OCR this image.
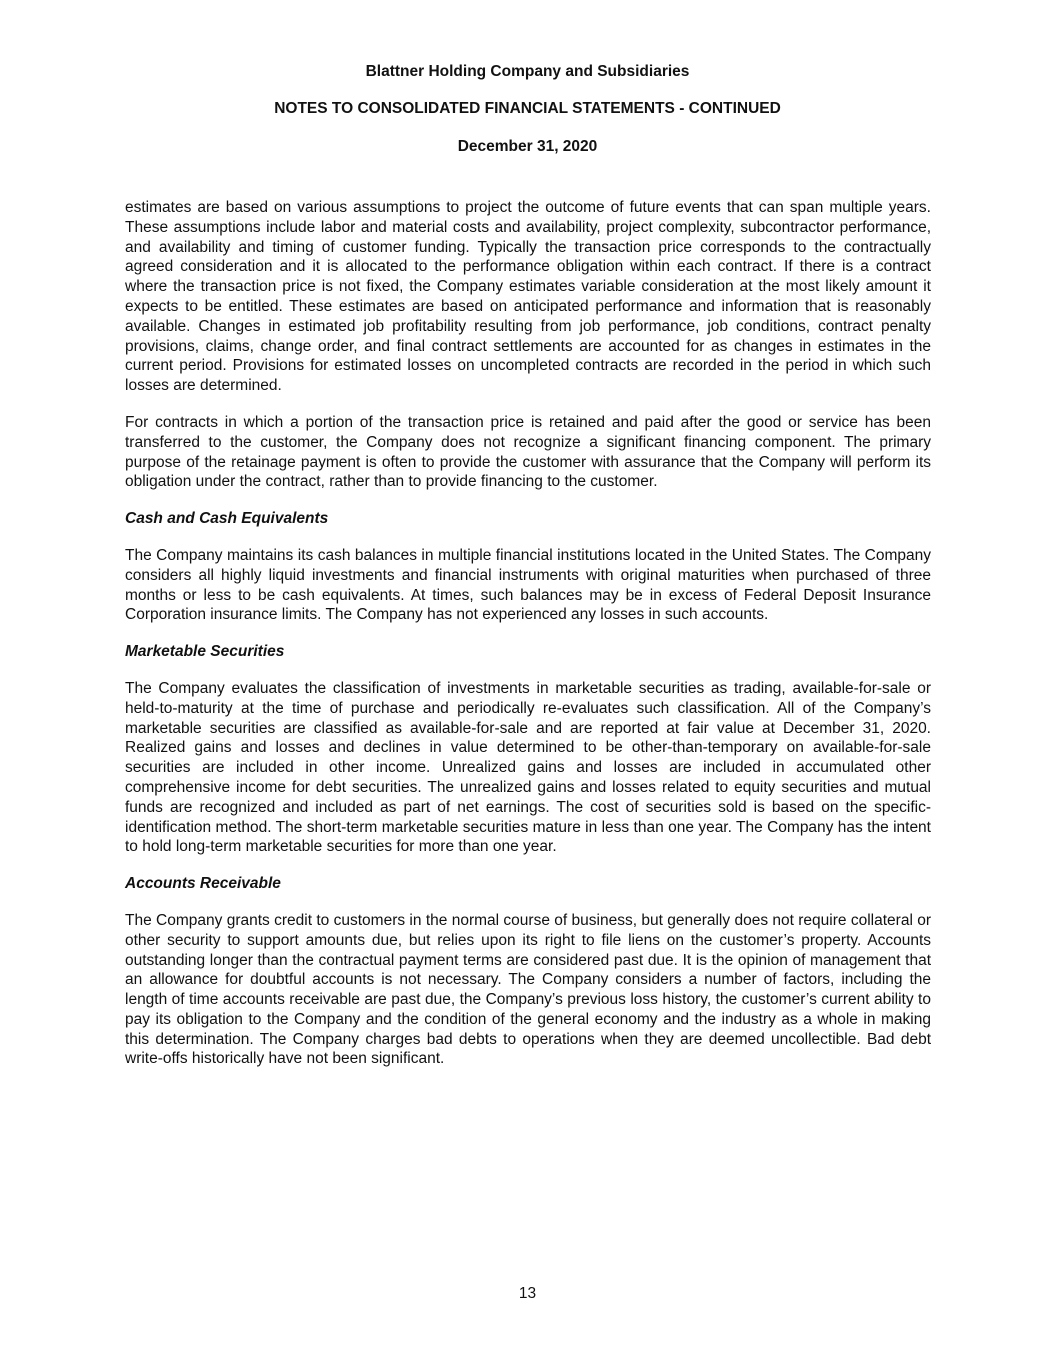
Blattner Holding Company and Subsidiaries
NOTES TO CONSOLIDATED FINANCIAL STATEMENTS - CONTINUED
December 31, 2020

estimates are based on various assumptions to project the outcome of future events that can span multiple years. These assumptions include labor and material costs and availability, project complexity, subcontractor performance, and availability and timing of customer funding. Typically the transaction price corresponds to the contractually agreed consideration and it is allocated to the performance obligation within each contract. If there is a contract where the transaction price is not fixed, the Company estimates variable consideration at the most likely amount it expects to be entitled. These estimates are based on anticipated performance and information that is reasonably available. Changes in estimated job profitability resulting from job performance, job conditions, contract penalty provisions, claims, change order, and final contract settlements are accounted for as changes in estimates in the current period. Provisions for estimated losses on uncompleted contracts are recorded in the period in which such losses are determined.

For contracts in which a portion of the transaction price is retained and paid after the good or service has been transferred to the customer, the Company does not recognize a significant financing component. The primary purpose of the retainage payment is often to provide the customer with assurance that the Company will perform its obligation under the contract, rather than to provide financing to the customer.

Cash and Cash Equivalents

The Company maintains its cash balances in multiple financial institutions located in the United States. The Company considers all highly liquid investments and financial instruments with original maturities when purchased of three months or less to be cash equivalents. At times, such balances may be in excess of Federal Deposit Insurance Corporation insurance limits. The Company has not experienced any losses in such accounts.

Marketable Securities

The Company evaluates the classification of investments in marketable securities as trading, available-for-sale or held-to-maturity at the time of purchase and periodically re-evaluates such classification. All of the Company’s marketable securities are classified as available-for-sale and are reported at fair value at December 31, 2020. Realized gains and losses and declines in value determined to be other-than-temporary on available-for-sale securities are included in other income. Unrealized gains and losses are included in accumulated other comprehensive income for debt securities. The unrealized gains and losses related to equity securities and mutual funds are recognized and included as part of net earnings. The cost of securities sold is based on the specific-identification method. The short-term marketable securities mature in less than one year. The Company has the intent to hold long-term marketable securities for more than one year.

Accounts Receivable

The Company grants credit to customers in the normal course of business, but generally does not require collateral or other security to support amounts due, but relies upon its right to file liens on the customer’s property. Accounts outstanding longer than the contractual payment terms are considered past due. It is the opinion of management that an allowance for doubtful accounts is not necessary. The Company considers a number of factors, including the length of time accounts receivable are past due, the Company’s previous loss history, the customer’s current ability to pay its obligation to the Company and the condition of the general economy and the industry as a whole in making this determination. The Company charges bad debts to operations when they are deemed uncollectible. Bad debt write-offs historically have not been significant.

13
